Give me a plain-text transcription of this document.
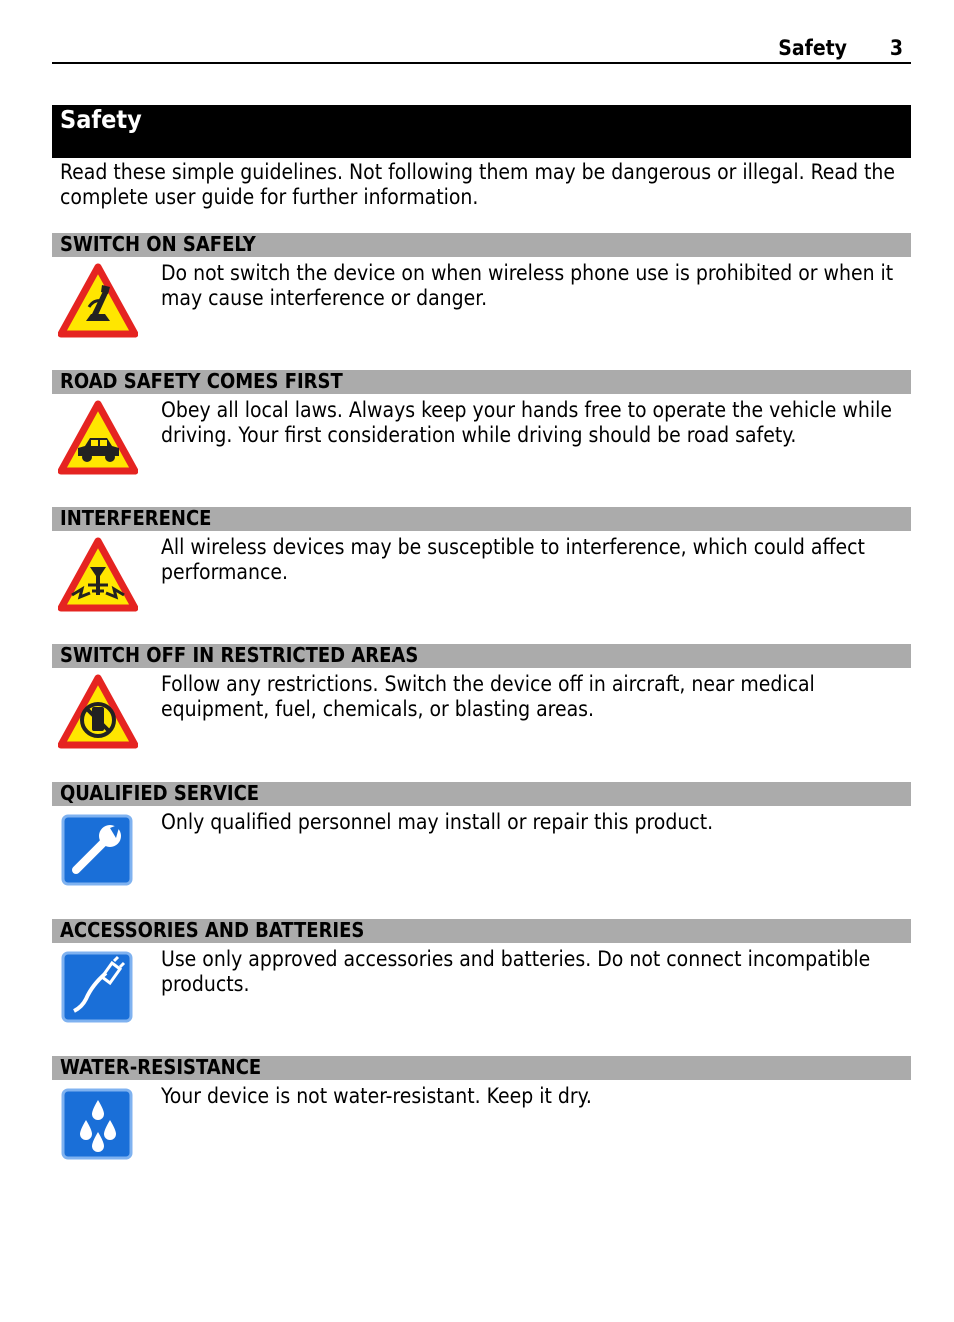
Safety 3
Safety

Read these simple guidelines. Not following them may be dangerous or illegal. Read the complete user guide for further information.

SWITCH ON SAFELY

Do not switch the device on when wireless phone use is prohibited or when it may cause interference or danger.

ROAD SAFETY COMES FIRST

Obey all local laws. Always keep your hands free to operate the vehicle while driving. Your first consideration while driving should be road safety.

INTERFERENCE

All wireless devices may be susceptible to interference, which could affect performance.

SWITCH OFF IN RESTRICTED AREAS

Follow any restrictions. Switch the device off in aircraft, near medical equipment, fuel, chemicals, or blasting areas.

QUALIFIED SERVICE

Only qualified personnel may install or repair this product.

ACCESSORIES AND BATTERIES

Use only approved accessories and batteries. Do not connect incompatible products.

WATER-RESISTANCE

Your device is not water-resistant. Keep it dry.
